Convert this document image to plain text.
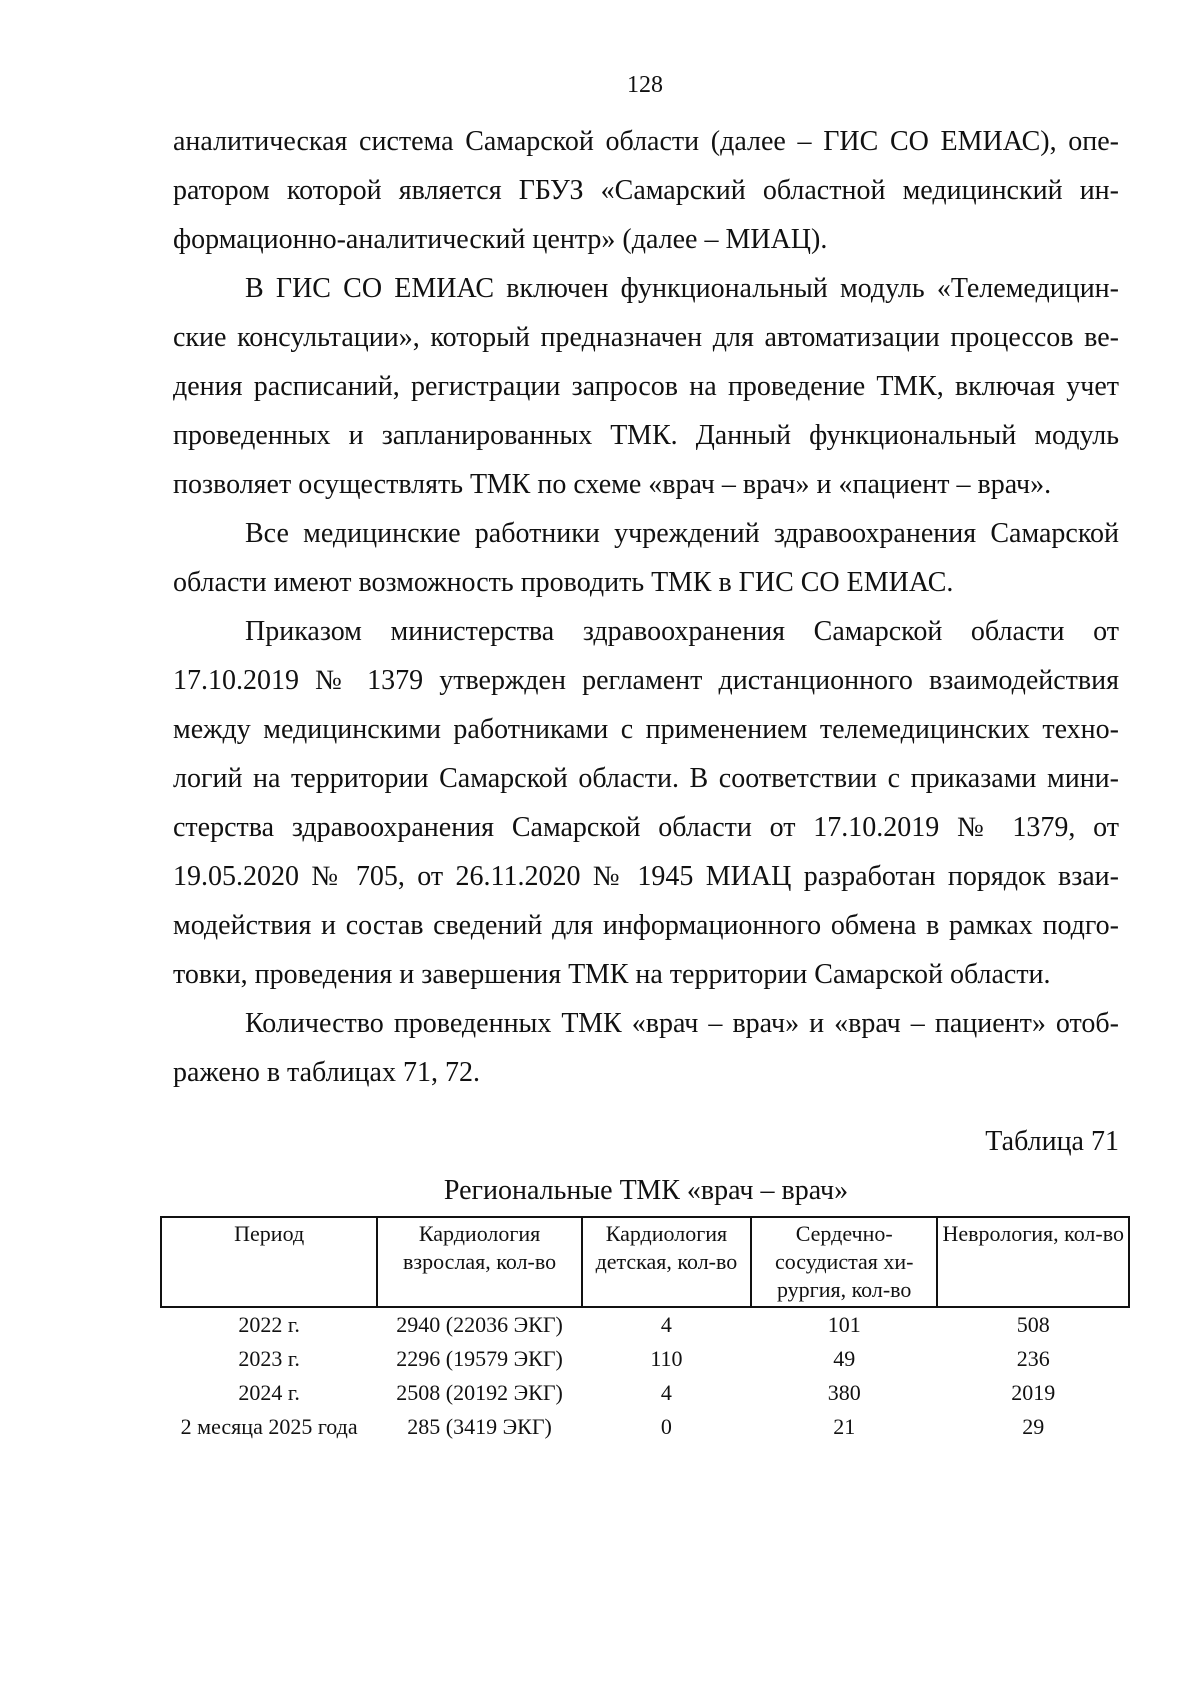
128

аналитическая система Самарской области (далее – ГИС СО ЕМИАС), оператором которой является ГБУЗ «Самарский областной медицинский информационно-аналитический центр» (далее – МИАЦ).

В ГИС СО ЕМИАС включен функциональный модуль «Телемедицинские консультации», который предназначен для автоматизации процессов ведения расписаний, регистрации запросов на проведение ТМК, включая учет проведенных и запланированных ТМК. Данный функциональный модуль позволяет осуществлять ТМК по схеме «врач – врач» и «пациент – врач».

Все медицинские работники учреждений здравоохранения Самарской области имеют возможность проводить ТМК в ГИС СО ЕМИАС.

Приказом министерства здравоохранения Самарской области от 17.10.2019 № 1379 утвержден регламент дистанционного взаимодействия между медицинскими работниками с применением телемедицинских технологий на территории Самарской области. В соответствии с приказами министерства здравоохранения Самарской области от 17.10.2019 № 1379, от 19.05.2020 № 705, от 26.11.2020 № 1945 МИАЦ разработан порядок взаимодействия и состав сведений для информационного обмена в рамках подготовки, проведения и завершения ТМК на территории Самарской области.

Количество проведенных ТМК «врач – врач» и «врач – пациент» отображено в таблицах 71, 72.

Таблица 71

Региональные ТМК «врач – врач»

Период	Кардиология взрослая, кол-во	Кардиология детская, кол-во	Сердечно-сосудистая хи-рургия, кол-во	Неврология, кол-во
2022 г.	2940 (22036 ЭКГ)	4	101	508
2023 г.	2296 (19579 ЭКГ)	110	49	236
2024 г.	2508 (20192 ЭКГ)	4	380	2019
2 месяца 2025 года	285 (3419 ЭКГ)	0	21	29
